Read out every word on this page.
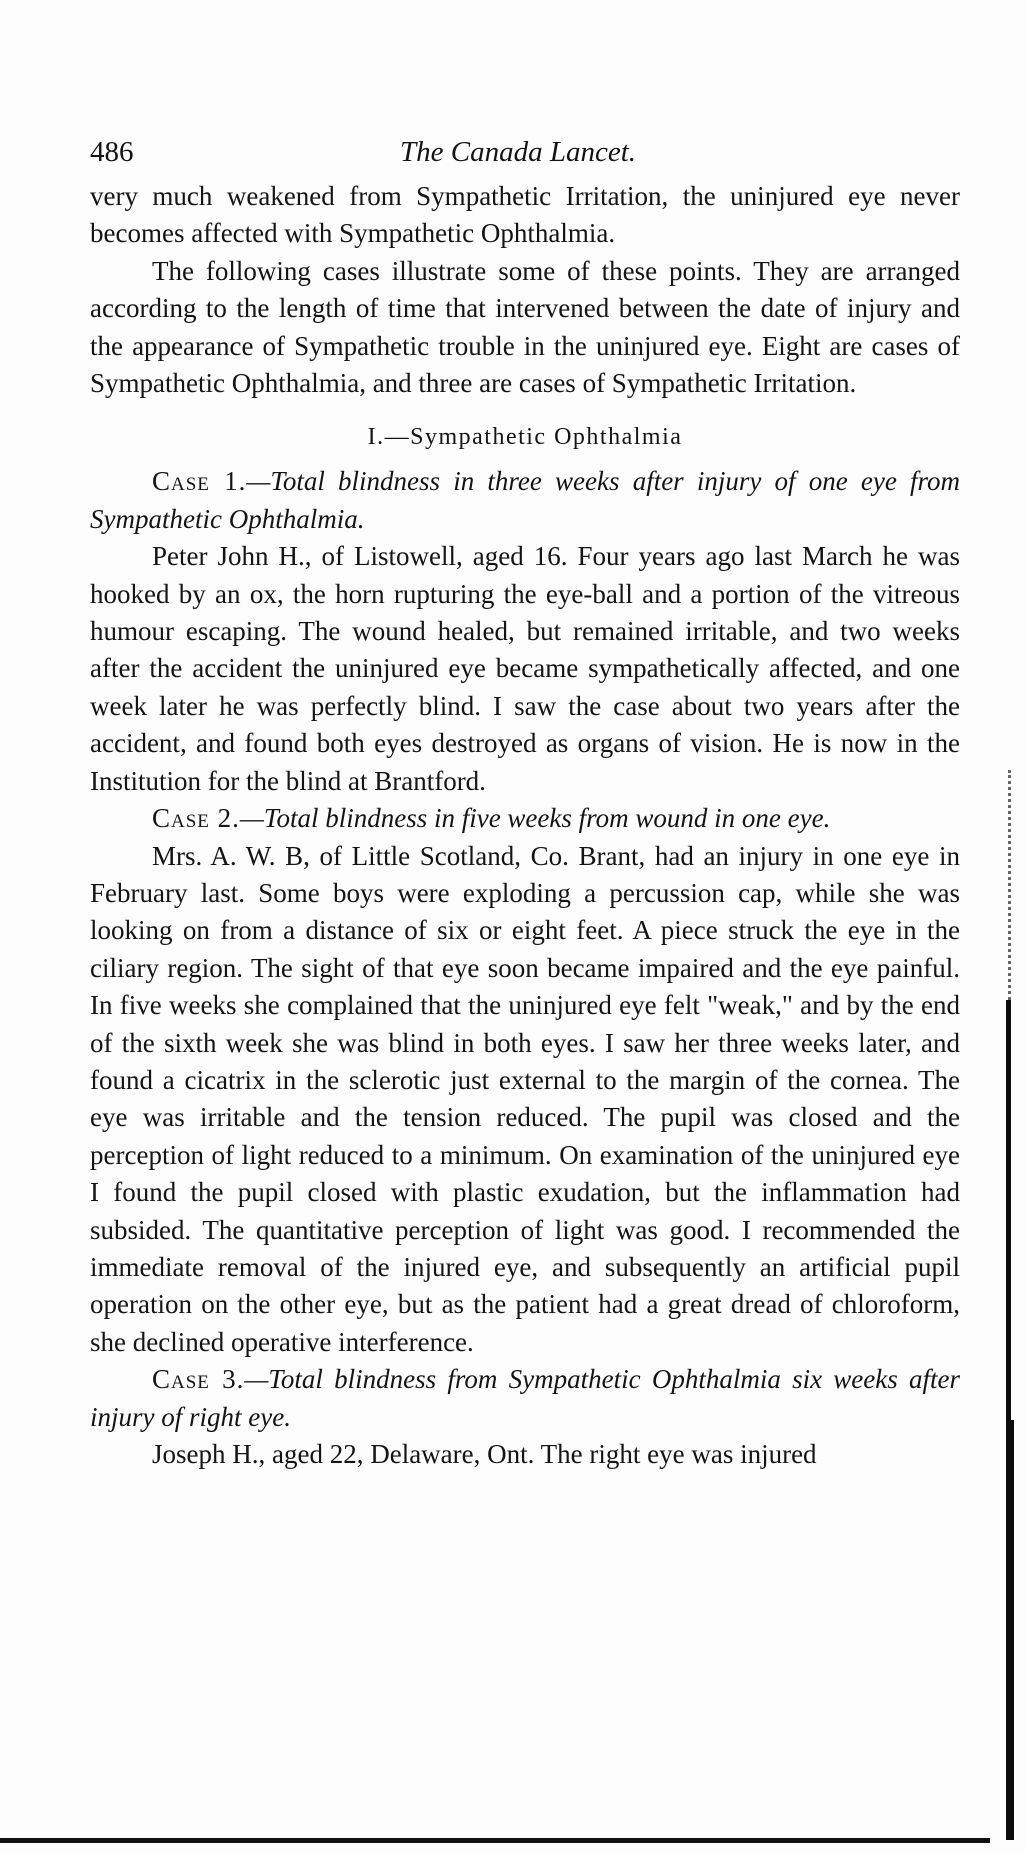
486	The Canada Lancet.

very much weakened from Sympathetic Irritation, the uninjured eye never becomes affected with Sympathetic Ophthalmia.

The following cases illustrate some of these points. They are arranged according to the length of time that intervened between the date of injury and the appearance of Sympathetic trouble in the uninjured eye. Eight are cases of Sympathetic Ophthalmia, and three are cases of Sympathetic Irritation.

I.—Sympathetic Ophthalmia

Case 1.—Total blindness in three weeks after injury of one eye from Sympathetic Ophthalmia.

Peter John H., of Listowell, aged 16. Four years ago last March he was hooked by an ox, the horn rupturing the eye-ball and a portion of the vitreous humour escaping. The wound healed, but remained irritable, and two weeks after the accident the uninjured eye became sympathetically affected, and one week later he was perfectly blind. I saw the case about two years after the accident, and found both eyes destroyed as organs of vision. He is now in the Institution for the blind at Brantford.

Case 2.—Total blindness in five weeks from wound in one eye.

Mrs. A. W. B, of Little Scotland, Co. Brant, had an injury in one eye in February last. Some boys were exploding a percussion cap, while she was looking on from a distance of six or eight feet. A piece struck the eye in the ciliary region. The sight of that eye soon became impaired and the eye painful. In five weeks she complained that the uninjured eye felt "weak," and by the end of the sixth week she was blind in both eyes. I saw her three weeks later, and found a cicatrix in the sclerotic just external to the margin of the cornea. The eye was irritable and the tension reduced. The pupil was closed and the perception of light reduced to a minimum. On examination of the uninjured eye I found the pupil closed with plastic exudation, but the inflammation had subsided. The quantitative perception of light was good. I recommended the immediate removal of the injured eye, and subsequently an artificial pupil operation on the other eye, but as the patient had a great dread of chloroform, she declined operative interference.

Case 3.—Total blindness from Sympathetic Ophthalmia six weeks after injury of right eye.

Joseph H., aged 22, Delaware, Ont. The right eye was injured
